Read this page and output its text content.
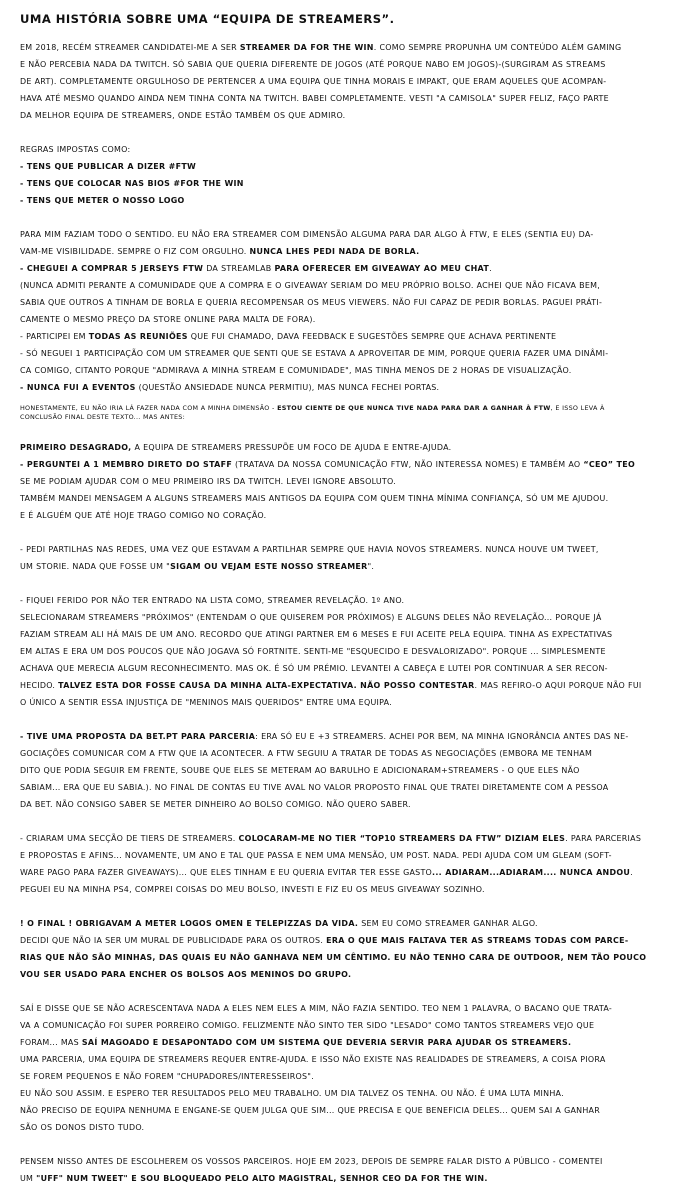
UMA HISTÓRIA SOBRE UMA “EQUIPA DE STREAMERS”.

EM 2018, RECÉM STREAMER CANDIDATEI-ME A SER STREAMER DA FOR THE WIN. COMO SEMPRE PROPUNHA UM CONTEÚDO ALÉM GAMING
E NÃO PERCEBIA NADA DA TWITCH. SÓ SABIA QUE QUERIA DIFERENTE DE JOGOS (ATÉ PORQUE NABO EM JOGOS)-(SURGIRAM AS STREAMS
DE ART). COMPLETAMENTE ORGULHOSO DE PERTENCER A UMA EQUIPA QUE TINHA MORAIS E IMPAKT, QUE ERAM AQUELES QUE ACOMPAN-
HAVA ATÉ MESMO QUANDO AINDA NEM TINHA CONTA NA TWITCH. BABEI COMPLETAMENTE. VESTI "A CAMISOLA" SUPER FELIZ, FAÇO PARTE
DA MELHOR EQUIPA DE STREAMERS, ONDE ESTÃO TAMBÉM OS QUE ADMIRO.

REGRAS IMPOSTAS COMO:
- TENS QUE PUBLICAR A DIZER #FTW
- TENS QUE COLOCAR NAS BIOS #FOR THE WIN
- TENS QUE METER O NOSSO LOGO

PARA MIM FAZIAM TODO O SENTIDO. EU NÃO ERA STREAMER COM DIMENSÃO ALGUMA PARA DAR ALGO À FTW, E ELES (SENTIA EU) DA-
VAM-ME VISIBILIDADE. SEMPRE O FIZ COM ORGULHO. NUNCA LHES PEDI NADA DE BORLA.
- CHEGUEI A COMPRAR 5 JERSEYS FTW DA STREAMLAB PARA OFERECER EM GIVEAWAY AO MEU CHAT.
(NUNCA ADMITI PERANTE A COMUNIDADE QUE A COMPRA E O GIVEAWAY SERIAM DO MEU PRÓPRIO BOLSO. ACHEI QUE NÃO FICAVA BEM,
SABIA QUE OUTROS A TINHAM DE BORLA E QUERIA RECOMPENSAR OS MEUS VIEWERS. NÃO FUI CAPAZ DE PEDIR BORLAS. PAGUEI PRÁTI-
CAMENTE O MESMO PREÇO DA STORE ONLINE PARA MALTA DE FORA).
- PARTICIPEI EM TODAS AS REUNIÕES QUE FUI CHAMADO, DAVA FEEDBACK E SUGESTÕES SEMPRE QUE ACHAVA PERTINENTE
- SÓ NEGUEI 1 PARTICIPAÇÃO COM UM STREAMER QUE SENTI QUE SE ESTAVA A APROVEITAR DE MIM, PORQUE QUERIA FAZER UMA DINÂMI-
CA COMIGO, CITANTO PORQUE "ADMIRAVA A MINHA STREAM E COMUNIDADE", MAS TINHA MENOS DE 2 HORAS DE VISUALIZAÇÃO.
- NUNCA FUI A EVENTOS (QUESTÃO ANSIEDADE NUNCA PERMITIU), MAS NUNCA FECHEI PORTAS.

HONESTAMENTE, EU NÃO IRIA LÁ FAZER NADA COM A MINHA DIMENSÃO - ESTOU CIENTE DE QUE NUNCA TIVE NADA PARA DAR A GANHAR À FTW, E ISSO LEVA À
CONCLUSÃO FINAL DESTE TEXTO... MAS ANTES:

PRIMEIRO DESAGRADO, A EQUIPA DE STREAMERS PRESSUPÕE UM FOCO DE AJUDA E ENTRE-AJUDA.
- PERGUNTEI A 1 MEMBRO DIRETO DO STAFF (TRATAVA DA NOSSA COMUNICAÇÃO FTW, NÃO INTERESSA NOMES) E TAMBÉM AO “CEO” TEO
SE ME PODIAM AJUDAR COM O MEU PRIMEIRO IRS DA TWITCH. LEVEI IGNORE ABSOLUTO.
TAMBÉM MANDEI MENSAGEM A ALGUNS STREAMERS MAIS ANTIGOS DA EQUIPA COM QUEM TINHA MÍNIMA CONFIANÇA, SÓ UM ME AJUDOU.
E É ALGUÉM QUE ATÉ HOJE TRAGO COMIGO NO CORAÇÃO.

- PEDI PARTILHAS NAS REDES, UMA VEZ QUE ESTAVAM A PARTILHAR SEMPRE QUE HAVIA NOVOS STREAMERS. NUNCA HOUVE UM TWEET,
UM STORIE. NADA QUE FOSSE UM "SIGAM OU VEJAM ESTE NOSSO STREAMER".

- FIQUEI FERIDO POR NÃO TER ENTRADO NA LISTA COMO, STREAMER REVELAÇÃO. 1º ANO.
SELECIONARAM STREAMERS "PRÓXIMOS" (ENTENDAM O QUE QUISEREM POR PRÓXIMOS) E ALGUNS DELES NÃO REVELAÇÃO... PORQUE JÁ
FAZIAM STREAM ALI HÁ MAIS DE UM ANO. RECORDO QUE ATINGI PARTNER EM 6 MESES E FUI ACEITE PELA EQUIPA. TINHA AS EXPECTATIVAS
EM ALTAS E ERA UM DOS POUCOS QUE NÃO JOGAVA SÓ FORTNITE. SENTI-ME "ESQUECIDO E DESVALORIZADO". PORQUE ... SIMPLESMENTE
ACHAVA QUE MERECIA ALGUM RECONHECIMENTO. MAS OK. É SÓ UM PRÉMIO. LEVANTEI A CABEÇA E LUTEI POR CONTINUAR A SER RECON-
HECIDO. TALVEZ ESTA DOR FOSSE CAUSA DA MINHA ALTA-EXPECTATIVA. NÃO POSSO CONTESTAR. MAS REFIRO-O AQUI PORQUE NÃO FUI
O ÚNICO A SENTIR ESSA INJUSTIÇA DE "MENINOS MAIS QUERIDOS" ENTRE UMA EQUIPA.

- TIVE UMA PROPOSTA DA BET.PT PARA PARCERIA: ERA SÓ EU E +3 STREAMERS. ACHEI POR BEM, NA MINHA IGNORÂNCIA ANTES DAS NE-
GOCIAÇÕES COMUNICAR COM A FTW QUE IA ACONTECER. A FTW SEGUIU A TRATAR DE TODAS AS NEGOCIAÇÕES (EMBORA ME TENHAM
DITO QUE PODIA SEGUIR EM FRENTE, SOUBE QUE ELES SE METERAM AO BARULHO E ADICIONARAM+STREAMERS - O QUE ELES NÃO
SABIAM... ERA QUE EU SABIA.). NO FINAL DE CONTAS EU TIVE AVAL NO VALOR PROPOSTO FINAL QUE TRATEI DIRETAMENTE COM A PESSOA
DA BET. NÃO CONSIGO SABER SE METER DINHEIRO AO BOLSO COMIGO. NÃO QUERO SABER.

- CRIARAM UMA SECÇÃO DE TIERS DE STREAMERS. COLOCARAM-ME NO TIER “TOP10 STREAMERS DA FTW” DIZIAM ELES. PARA PARCERIAS
E PROPOSTAS E AFINS... NOVAMENTE, UM ANO E TAL QUE PASSA E NEM UMA MENSÃO, UM POST. NADA. PEDI AJUDA COM UM GLEAM (SOFT-
WARE PAGO PARA FAZER GIVEAWAYS)... QUE ELES TINHAM E EU QUERIA EVITAR TER ESSE GASTO... ADIARAM...ADIARAM.... NUNCA ANDOU.
PEGUEI EU NA MINHA PS4, COMPREI COISAS DO MEU BOLSO, INVESTI E FIZ EU OS MEUS GIVEAWAY SOZINHO.

! O FINAL ! OBRIGAVAM A METER LOGOS OMEN E TELEPIZZAS DA VIDA. SEM EU COMO STREAMER GANHAR ALGO.
DECIDI QUE NÃO IA SER UM MURAL DE PUBLICIDADE PARA OS OUTROS. ERA O QUE MAIS FALTAVA TER AS STREAMS TODAS COM PARCE-
RIAS QUE NÃO SÃO MINHAS, DAS QUAIS EU NÃO GANHAVA NEM UM CÊNTIMO. EU NÃO TENHO CARA DE OUTDOOR, NEM TÃO POUCO
VOU SER USADO PARA ENCHER OS BOLSOS AOS MENINOS DO GRUPO.

SAÍ E DISSE QUE SE NÃO ACRESCENTAVA NADA A ELES NEM ELES A MIM, NÃO FAZIA SENTIDO. TEO NEM 1 PALAVRA, O BACANO QUE TRATA-
VA A COMUNICAÇÃO FOI SUPER PORREIRO COMIGO. FELIZMENTE NÃO SINTO TER SIDO "LESADO" COMO TANTOS STREAMERS VEJO QUE
FORAM... MAS SAÍ MAGOADO E DESAPONTADO COM UM SISTEMA QUE DEVERIA SERVIR PARA AJUDAR OS STREAMERS.
UMA PARCERIA, UMA EQUIPA DE STREAMERS REQUER ENTRE-AJUDA. E ISSO NÃO EXISTE NAS REALIDADES DE STREAMERS, A COISA PIORA
SE FOREM PEQUENOS E NÃO FOREM "CHUPADORES/INTERESSEIROS".
EU NÃO SOU ASSIM. E ESPERO TER RESULTADOS PELO MEU TRABALHO. UM DIA TALVEZ OS TENHA. OU NÃO. É UMA LUTA MINHA.
NÃO PRECISO DE EQUIPA NENHUMA E ENGANE-SE QUEM JULGA QUE SIM... QUE PRECISA E QUE BENEFICIA DELES... QUEM SAI A GANHAR
SÃO OS DONOS DISTO TUDO.

PENSEM NISSO ANTES DE ESCOLHEREM OS VOSSOS PARCEIROS. HOJE EM 2023, DEPOIS DE SEMPRE FALAR DISTO A PÚBLICO - COMENTEI
UM "UFF" NUM TWEET" E SOU BLOQUEADO PELO ALTO MAGISTRAL, SENHOR CEO DA FOR THE WIN.
